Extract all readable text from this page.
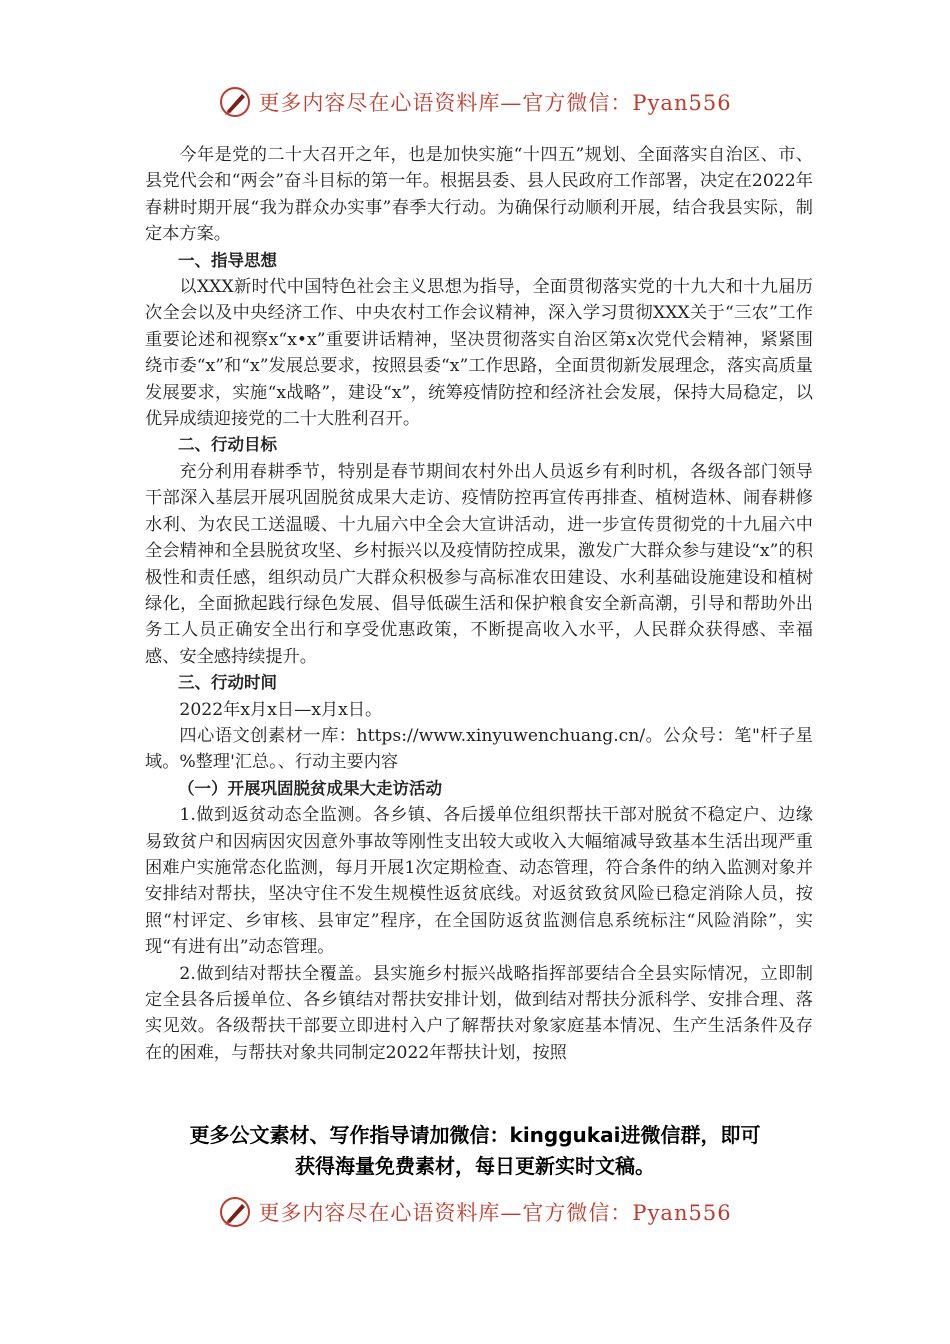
更多内容尽在心语资料库—官方微信：Pyan556

今年是党的二十大召开之年，也是加快实施“十四五”规划、全面落实自治区、市、县党代会和“两会”奋斗目标的第一年。根据县委、县人民政府工作部署，决定在2022年春耕时期开展“我为群众办实事”春季大行动。为确保行动顺利开展，结合我县实际，制定本方案。

一、指导思想

以XXX新时代中国特色社会主义思想为指导，全面贯彻落实党的十九大和十九届历次全会以及中央经济工作、中央农村工作会议精神，深入学习贯彻XXX关于“三农”工作重要论述和视察x“x•x”重要讲话精神，坚决贯彻落实自治区第x次党代会精神，紧紧围绕市委“x”和“x”发展总要求，按照县委“x”工作思路，全面贯彻新发展理念，落实高质量发展要求，实施“x战略”，建设“x”，统筹疫情防控和经济社会发展，保持大局稳定，以优异成绩迎接党的二十大胜利召开。

二、行动目标

充分利用春耕季节，特别是春节期间农村外出人员返乡有利时机，各级各部门领导干部深入基层开展巩固脱贫成果大走访、疫情防控再宣传再排查、植树造林、闹春耕修水利、为农民工送温暖、十九届六中全会大宣讲活动，进一步宣传贯彻党的十九届六中全会精神和全县脱贫攻坚、乡村振兴以及疫情防控成果，激发广大群众参与建设“x”的积极性和责任感，组织动员广大群众积极参与高标准农田建设、水利基础设施建设和植树绿化，全面掀起践行绿色发展、倡导低碳生活和保护粮食安全新高潮，引导和帮助外出务工人员正确安全出行和享受优惠政策，不断提高收入水平，人民群众获得感、幸福感、安全感持续提升。

三、行动时间

2022年x月x日—x月x日。

四心语文创素材一库：https://www.xinyuwenchuang.cn/。公众号：笔"杆子星域。%整理'汇总。、行动主要内容

（一）开展巩固脱贫成果大走访活动

1.做到返贫动态全监测。各乡镇、各后援单位组织帮扶干部对脱贫不稳定户、边缘易致贫户和因病因灾因意外事故等刚性支出较大或收入大幅缩减导致基本生活出现严重困难户实施常态化监测，每月开展1次定期检查、动态管理，符合条件的纳入监测对象并安排结对帮扶，坚决守住不发生规模性返贫底线。对返贫致贫风险已稳定消除人员，按照“村评定、乡审核、县审定”程序，在全国防返贫监测信息系统标注“风险消除”，实现“有进有出”动态管理。

2.做到结对帮扶全覆盖。县实施乡村振兴战略指挥部要结合全县实际情况，立即制定全县各后援单位、各乡镇结对帮扶安排计划，做到结对帮扶分派科学、安排合理、落实见效。各级帮扶干部要立即进村入户了解帮扶对象家庭基本情况、生产生活条件及存在的困难，与帮扶对象共同制定2022年帮扶计划，按照

更多公文素材、写作指导请加微信：kinggukai进微信群，即可
获得海量免费素材，每日更新实时文稿。
更多内容尽在心语资料库—官方微信：Pyan556
